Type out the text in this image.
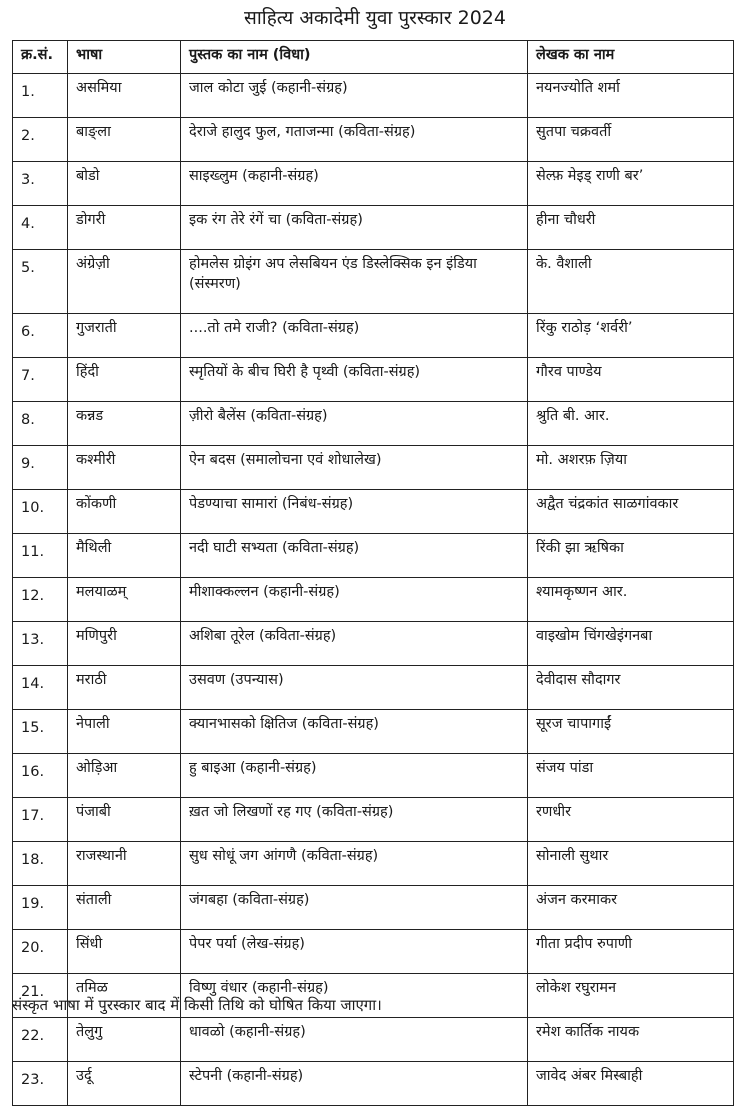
साहित्य अकादेमी युवा पुरस्कार 2024
क्र.सं.	भाषा	पुस्तक का नाम (विधा)	लेखक का नाम
1.	असमिया	जाल कोटा जुई (कहानी-संग्रह)	नयनज्योति शर्मा
2.	बाङ्ला	देराजे हालुद फुल, गताजन्मा (कविता-संग्रह)	सुतपा चक्रवर्ती
3.	बोडो	साइख्लुम (कहानी-संग्रह)	सेल्फ़ मेइड् राणी बर’
4.	डोगरी	इक रंग तेरे रंगें चा (कविता-संग्रह)	हीना चौधरी
5.	अंग्रेज़ी	होमलेस ग्रोइंग अप लेसबियन एंड डिस्लेक्सिक इन इंडिया (संस्मरण)	के. वैशाली
6.	गुजराती	....तो तमे राजी? (कविता-संग्रह)	रिंकु राठोड़ ‘शर्वरी’
7.	हिंदी	स्मृतियों के बीच घिरी है पृथ्वी (कविता-संग्रह)	गौरव पाण्डेय
8.	कन्नड	ज़ीरो बैलेंस (कविता-संग्रह)	श्रुति बी. आर.
9.	कश्मीरी	ऐन बदस (समालोचना एवं शोधालेख)	मो. अशरफ़ ज़िया
10.	कोंकणी	पेडण्याचा सामारां (निबंध-संग्रह)	अद्वैत चंद्रकांत साळगांवकार
11.	मैथिली	नदी घाटी सभ्यता (कविता-संग्रह)	रिंकी झा ऋषिका
12.	मलयाळम्	मीशाक्कल्लन (कहानी-संग्रह)	श्यामकृष्णन आर.
13.	मणिपुरी	अशिबा तूरेल (कविता-संग्रह)	वाइखोम चिंगखेइंगनबा
14.	मराठी	उसवण (उपन्यास)	देवीदास सौदागर
15.	नेपाली	क्यानभासको क्षितिज (कविता-संग्रह)	सूरज चापागाईं
16.	ओड़िआ	हु बाइआ (कहानी-संग्रह)	संजय पांडा
17.	पंजाबी	ख़त जो लिखणों रह गए (कविता-संग्रह)	रणधीर
18.	राजस्थानी	सुध सोधूं जग आंगणै (कविता-संग्रह)	सोनाली सुथार
19.	संताली	जंगबहा (कविता-संग्रह)	अंजन करमाकर
20.	सिंधी	पेपर पर्या (लेख-संग्रह)	गीता प्रदीप रुपाणी
21.	तमिळ	विष्णु वंधार (कहानी-संग्रह)	लोकेश रघुरामन
22.	तेलुगु	धावळो (कहानी-संग्रह)	रमेश कार्तिक नायक
23.	उर्दू	स्टेपनी (कहानी-संग्रह)	जावेद अंबर मिस्बाही
संस्कृत भाषा में पुरस्कार बाद में किसी तिथि को घोषित किया जाएगा।
